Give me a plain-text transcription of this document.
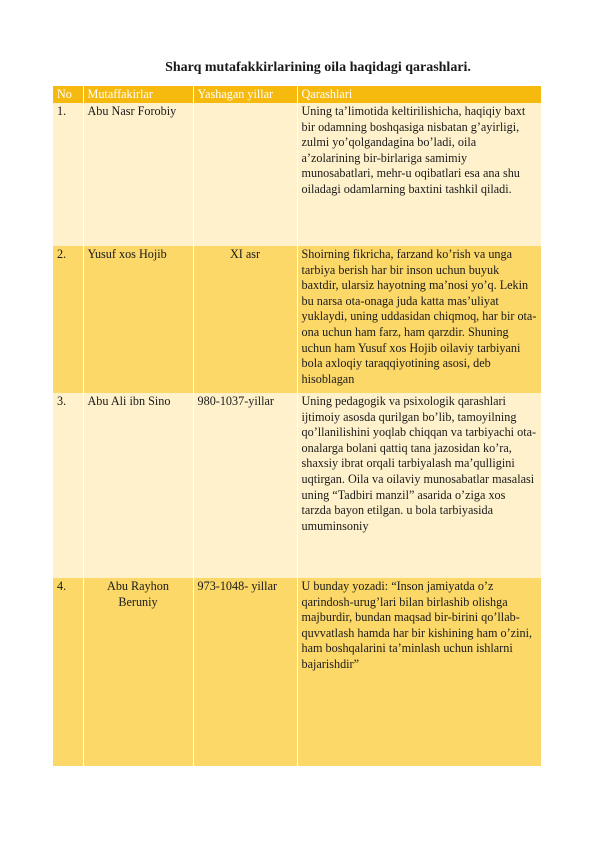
Sharq mutafakkirlarining oila haqidagi qarashlari.
No	Mutaffakirlar	Yashagan yillar	Qarashlari
1.	Abu Nasr Forobiy		Uning ta’limotida keltirilishicha, haqiqiy baxt bir odamning boshqasiga nisbatan g’ayirligi, zulmi yo’qolgandagina bo’ladi, oila a’zolarining bir-birlariga samimiy munosabatlari, mehr-u oqibatlari esa ana shu oiladagi odamlarning baxtini tashkil qiladi.
2.	Yusuf xos Hojib	XI asr	Shoirning fikricha, farzand ko’rish va unga tarbiya berish har bir inson uchun buyuk baxtdir, ularsiz hayotning ma’nosi yo’q. Lekin bu narsa ota-onaga juda katta mas’uliyat yuklaydi, uning uddasidan chiqmoq, har bir ota-ona uchun ham farz, ham qarzdir. Shuning uchun ham Yusuf xos Hojib oilaviy tarbiyani bola axloqiy taraqqiyotining asosi, deb hisoblagan
3.	Abu Ali ibn Sino	980-1037-yillar	Uning pedagogik va psixologik qarashlari ijtimoiy asosda qurilgan bo’lib, tamoyilning qo’llanilishini yoqlab chiqqan va tarbiyachi ota-onalarga bolani qattiq tana jazosidan ko’ra, shaxsiy ibrat orqali tarbiyalash ma’qulligini uqtirgan. Oila va oilaviy munosabatlar masalasi uning “Tadbiri manzil” asarida o’ziga xos tarzda bayon etilgan. u bola tarbiyasida umuminsoniy
4.	Abu Rayhon Beruniy	973-1048- yillar	U bunday yozadi: “Inson jamiyatda o’z qarindosh-urug’lari bilan birlashib olishga majburdir, bundan maqsad bir-birini qo’llab-quvvatlash hamda har bir kishining ham o’zini, ham boshqalarini ta’minlash uchun ishlarni bajarishdir”
